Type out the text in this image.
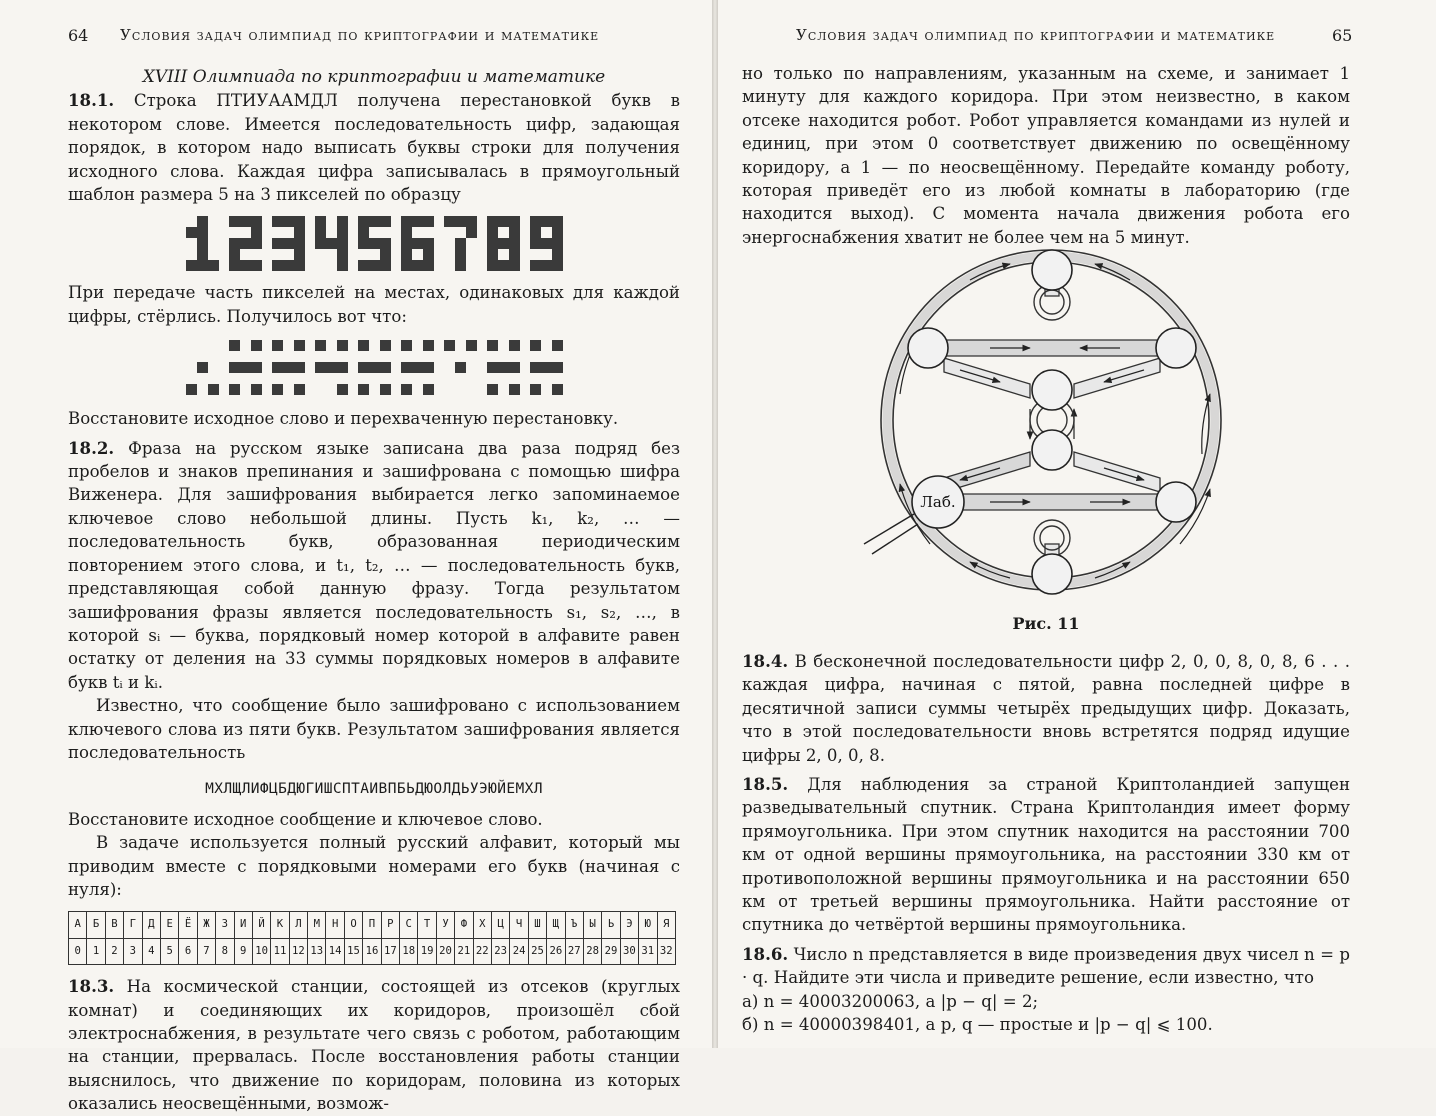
64 Условия задач олимпиад по криптографии и математике

XVIII Олимпиада по криптографии и математике

18.1. Строка ПТИУААМДЛ получена перестановкой букв в некотором слове. Имеется последовательность цифр, задающая порядок, в котором надо выписать буквы строки для получения исходного слова. Каждая цифра записывалась в прямоугольный шаблон размера 5 на 3 пикселей по образцу

При передаче часть пикселей на местах, одинаковых для каждой цифры, стёрлись. Получилось вот что:

Восстановите исходное слово и перехваченную перестановку.

18.2. Фраза на русском языке записана два раза подряд без пробелов и знаков препинания и зашифрована с помощью шифра Виженера. Для зашифрования выбирается легко запоминаемое ключевое слово небольшой длины. Пусть k₁, k₂, … — последовательность букв, образованная периодическим повторением этого слова, и t₁, t₂, … — последовательность букв, представляющая собой данную фразу. Тогда результатом зашифрования фразы является последовательность s₁, s₂, …, в которой sᵢ — буква, порядковый номер которой в алфавите равен остатку от деления на 33 суммы порядковых номеров в алфавите букв tᵢ и kᵢ.

Известно, что сообщение было зашифровано с использованием ключевого слова из пяти букв. Результатом зашифрования является последовательность

МХЛЩЛИФЦБДЮГИШСПТАИВПБЬДЮОЛДЬУЭЮЙЕМХЛ

Восстановите исходное сообщение и ключевое слово.

В задаче используется полный русский алфавит, который мы приводим вместе с порядковыми номерами его букв (начиная с нуля):

А	Б	В	Г	Д	Е	Ё	Ж	З	И	Й	К	Л	М	Н	О	П	Р	С	Т	У	Ф	Х	Ц	Ч	Ш	Щ	Ъ	Ы	Ь	Э	Ю	Я
0	1	2	3	4	5	6	7	8	9	10	11	12	13	14	15	16	17	18	19	20	21	22	23	24	25	26	27	28	29	30	31	32

18.3. На космической станции, состоящей из отсеков (круглых комнат) и соединяющих их коридоров, произошёл сбой электроснабжения, в результате чего связь с роботом, работающим на станции, прервалась. После восстановления работы станции выяснилось, что движение по коридорам, половина из которых оказались неосвещёнными, возмож-

Условия задач олимпиад по криптографии и математике	65

но только по направлениям, указанным на схеме, и занимает 1 минуту для каждого коридора. При этом неизвестно, в каком отсеке находится робот. Робот управляется командами из нулей и единиц, при этом 0 соответствует движению по освещённому коридору, а 1 — по неосвещённому. Передайте команду роботу, которая приведёт его из любой комнаты в лабораторию (где находится выход). С момента начала движения робота его энергоснабжения хватит не более чем на 5 минут.

Лаб.
Рис. 11

18.4. В бесконечной последовательности цифр 2, 0, 0, 8, 0, 8, 6 . . . каждая цифра, начиная с пятой, равна последней цифре в десятичной записи суммы четырёх предыдущих цифр. Доказать, что в этой последовательности вновь встретятся подряд идущие цифры 2, 0, 0, 8.

18.5. Для наблюдения за страной Криптоландией запущен разведывательный спутник. Страна Криптоландия имеет форму прямоугольника. При этом спутник находится на расстоянии 700 км от одной вершины прямоугольника, на расстоянии 330 км от противоположной вершины прямоугольника и на расстоянии 650 км от третьей вершины прямоугольника. Найти расстояние от спутника до четвёртой вершины прямоугольника.

18.6. Число n представляется в виде произведения двух чисел n = p · q. Найдите эти числа и приведите решение, если известно, что

а) n = 40003200063, а |p − q| = 2;

б) n = 40000398401, а p, q — простые и |p − q| ⩽ 100.
